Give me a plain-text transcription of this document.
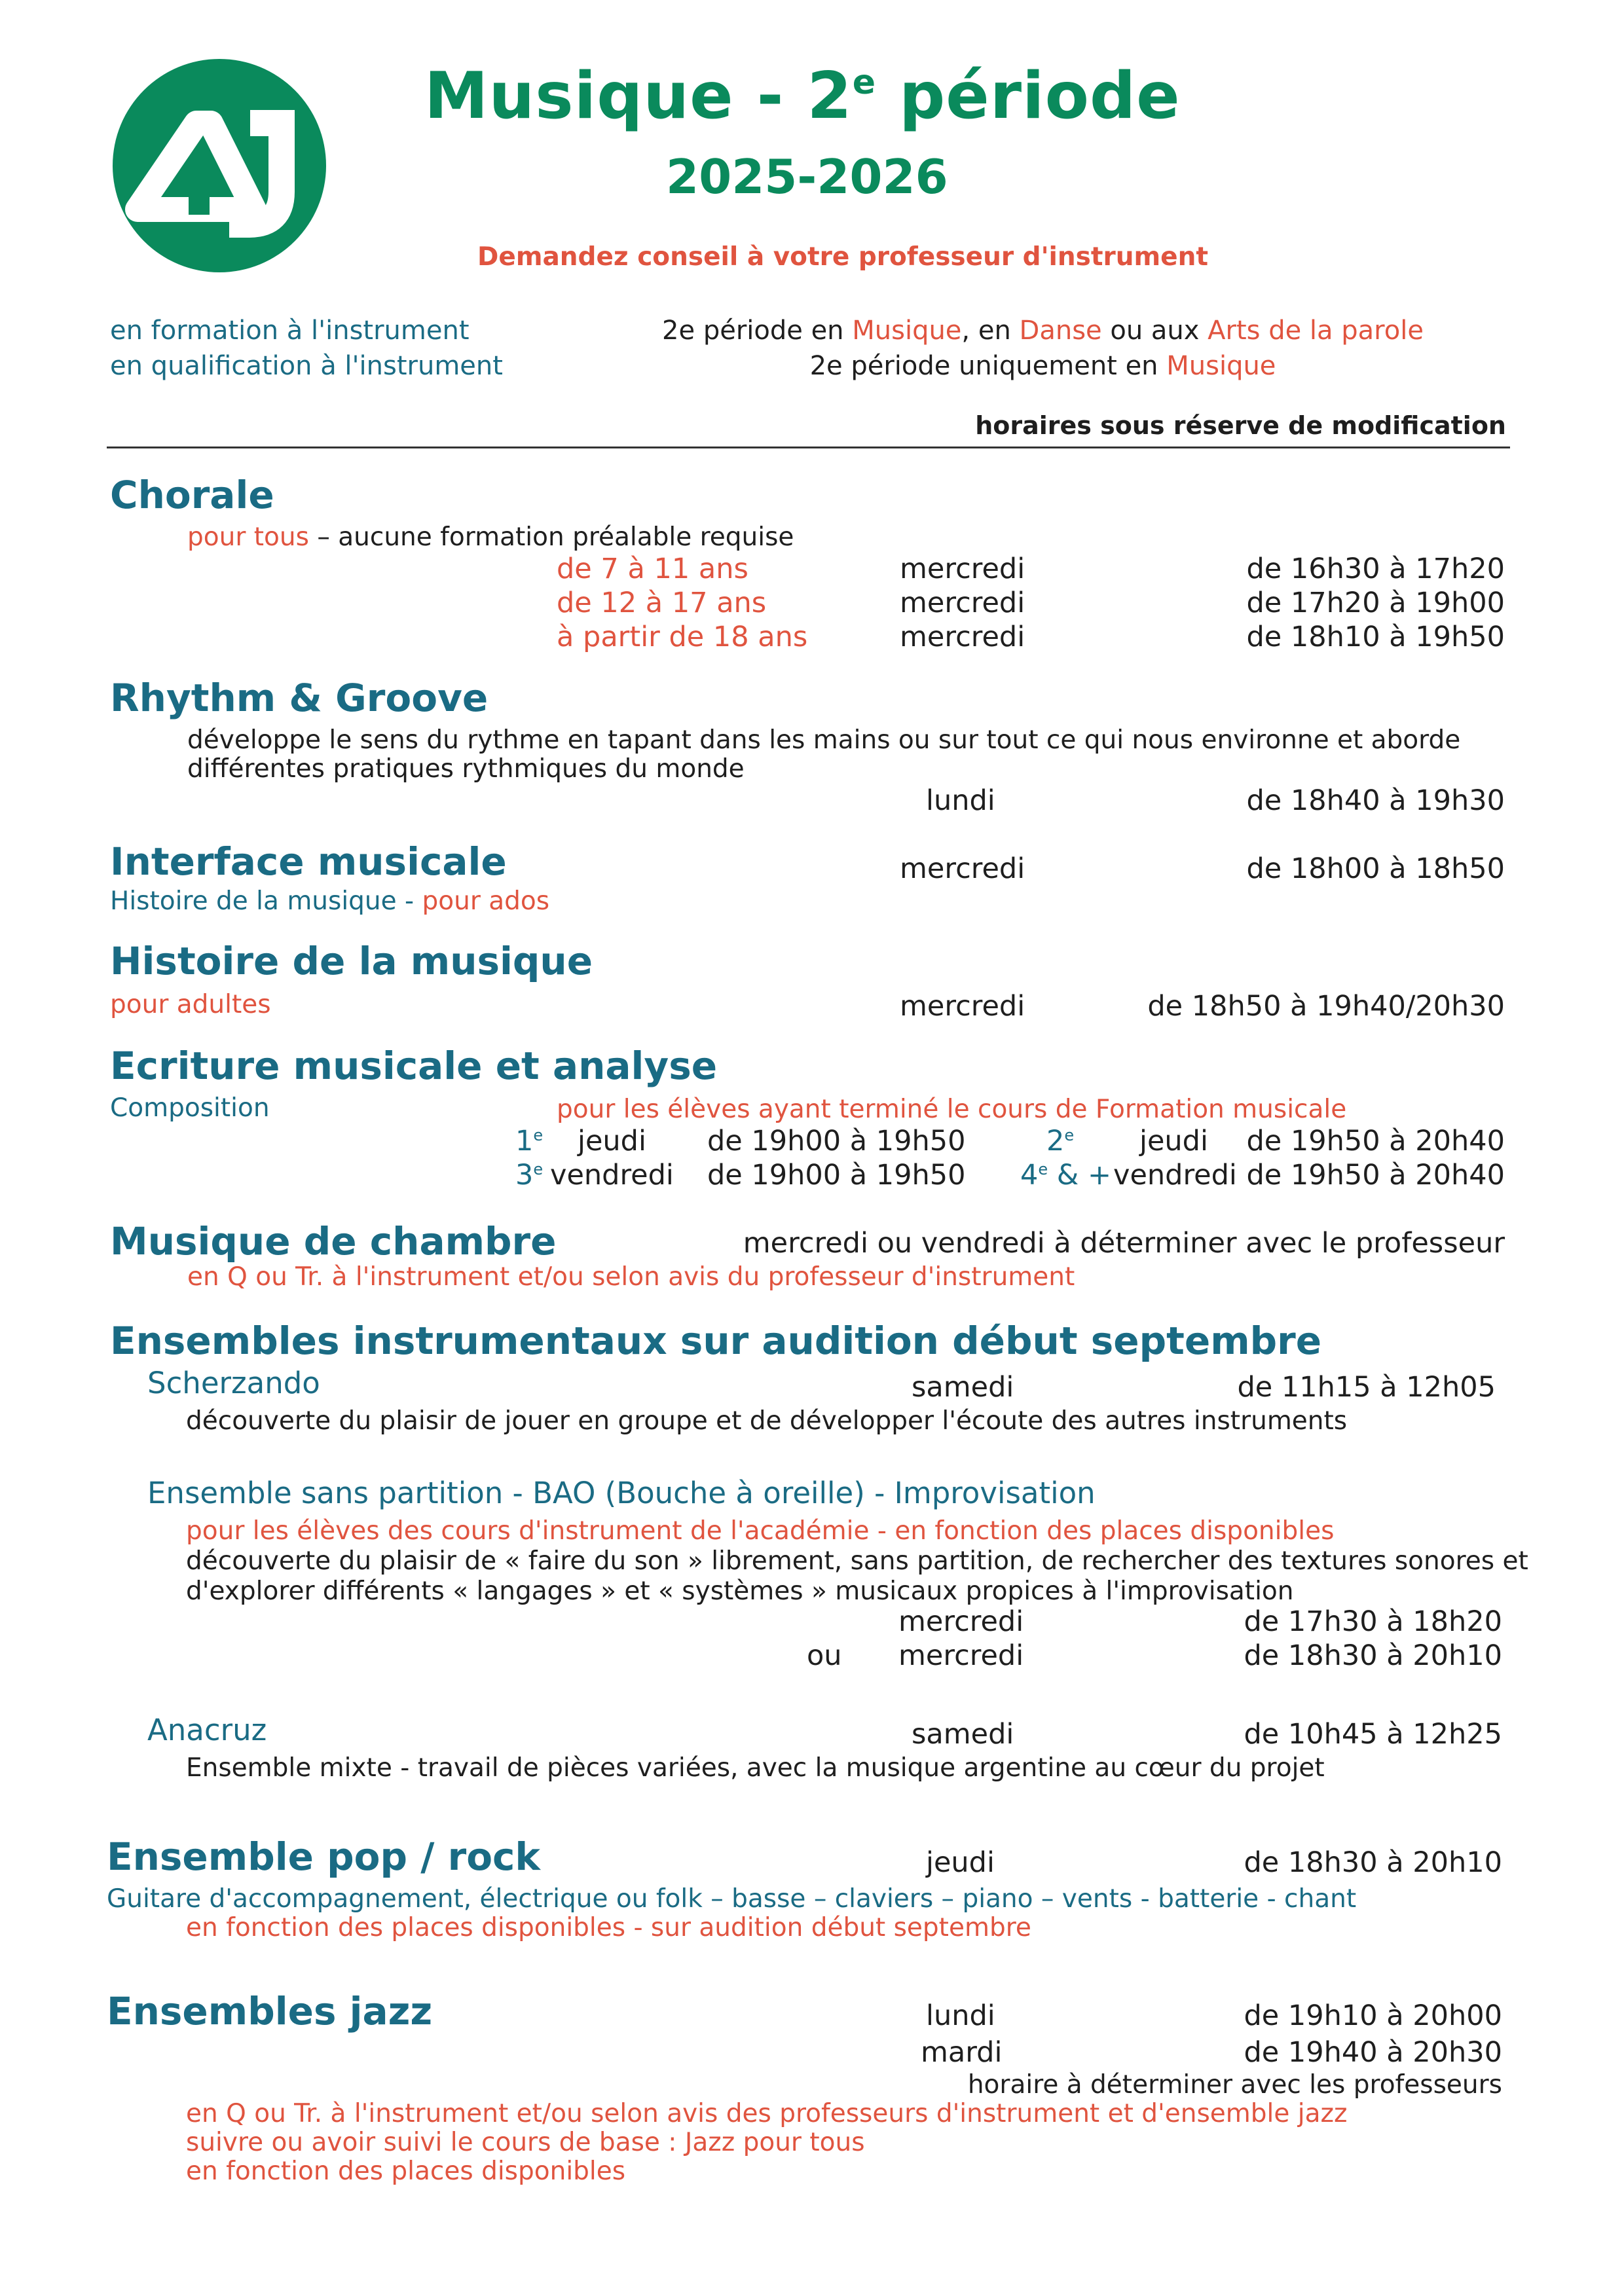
Musique - 2e période
2025-2026
Demandez conseil à votre professeur d'instrument
en formation à l'instrument
en qualification à l'instrument
2e période en Musique, en Danse ou aux Arts de la parole
2e période uniquement en Musique
horaires sous réserve de modification
Chorale
pour tous – aucune formation préalable requise
de 7 à 11 ans	mercredi	de 16h30 à 17h20
de 12 à 17 ans	mercredi	de 17h20 à 19h00
à partir de 18 ans	mercredi	de 18h10 à 19h50
Rhythm & Groove
développe le sens du rythme en tapant dans les mains ou sur tout ce qui nous environne et aborde
différentes pratiques rythmiques du monde
lundi	de 18h40 à 19h30
Interface musicale
Histoire de la musique - pour ados
mercredi	de 18h00 à 18h50
Histoire de la musique
pour adultes	mercredi	de 18h50 à 19h40/20h30
Ecriture musicale et analyse
Composition	pour les élèves ayant terminé le cours de Formation musicale
1e jeudi de 19h00 à 19h50	2e jeudi de 19h50 à 20h40
3e vendredi de 19h00 à 19h50 4e & + vendredi de 19h50 à 20h40
Musique de chambre	mercredi ou vendredi à déterminer avec le professeur
en Q ou Tr. à l'instrument et/ou selon avis du professeur d'instrument
Ensembles instrumentaux sur audition début septembre
Scherzando	samedi	de 11h15 à 12h05
découverte du plaisir de jouer en groupe et de développer l'écoute des autres instruments
Ensemble sans partition - BAO (Bouche à oreille) - Improvisation
pour les élèves des cours d'instrument de l'académie - en fonction des places disponibles
découverte du plaisir de « faire du son » librement, sans partition, de rechercher des textures sonores et
d'explorer différents « langages » et « systèmes » musicaux propices à l'improvisation
mercredi	de 17h30 à 18h20
ou mercredi	de 18h30 à 20h10
Anacruz	samedi	de 10h45 à 12h25
Ensemble mixte - travail de pièces variées, avec la musique argentine au cœur du projet
Ensemble pop / rock	jeudi	de 18h30 à 20h10
Guitare d'accompagnement, électrique ou folk – basse – claviers – piano – vents - batterie - chant
en fonction des places disponibles - sur audition début septembre
Ensembles jazz	lundi	de 19h10 à 20h00
mardi	de 19h40 à 20h30
horaire à déterminer avec les professeurs
en Q ou Tr. à l'instrument et/ou selon avis des professeurs d'instrument et d'ensemble jazz
suivre ou avoir suivi le cours de base : Jazz pour tous
en fonction des places disponibles
